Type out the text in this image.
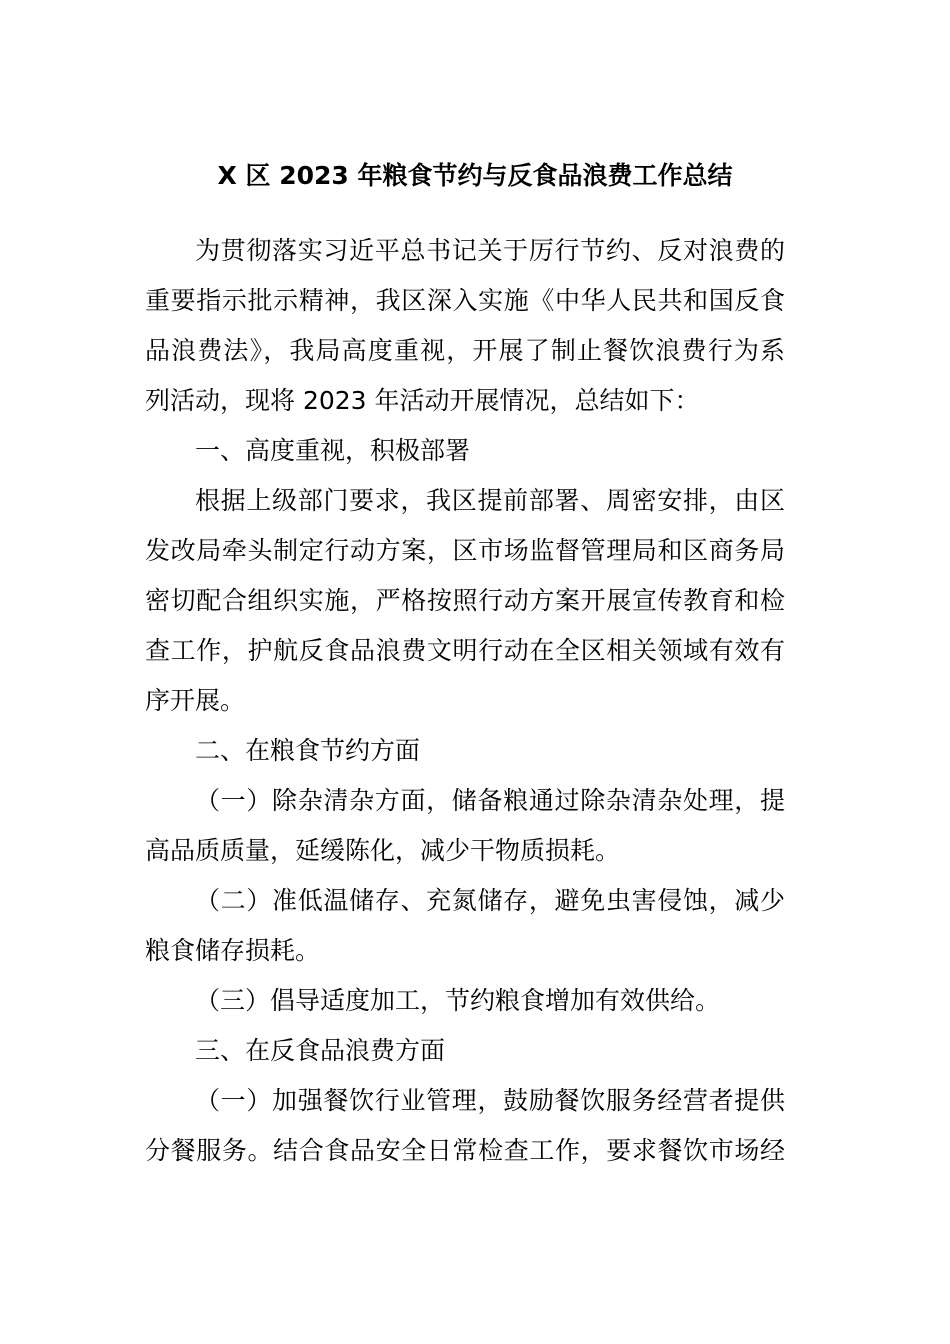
X 区 2023 年粮食节约与反食品浪费工作总结
为贯彻落实习近平总书记关于厉行节约、反对浪费的
重要指示批示精神，我区深入实施《中华人民共和国反食
品浪费法》，我局高度重视，开展了制止餐饮浪费行为系
列活动，现将 2023 年活动开展情况，总结如下：
一、高度重视，积极部署
根据上级部门要求，我区提前部署、周密安排，由区
发改局牵头制定行动方案，区市场监督管理局和区商务局
密切配合组织实施，严格按照行动方案开展宣传教育和检
查工作，护航反食品浪费文明行动在全区相关领域有效有
序开展。
二、在粮食节约方面
（一）除杂清杂方面，储备粮通过除杂清杂处理，提
高品质质量，延缓陈化，减少干物质损耗。
（二）准低温储存、充氮储存，避免虫害侵蚀，减少
粮食储存损耗。
（三）倡导适度加工，节约粮食增加有效供给。
三、在反食品浪费方面
（一）加强餐饮行业管理，鼓励餐饮服务经营者提供
分餐服务。结合食品安全日常检查工作，要求餐饮市场经
